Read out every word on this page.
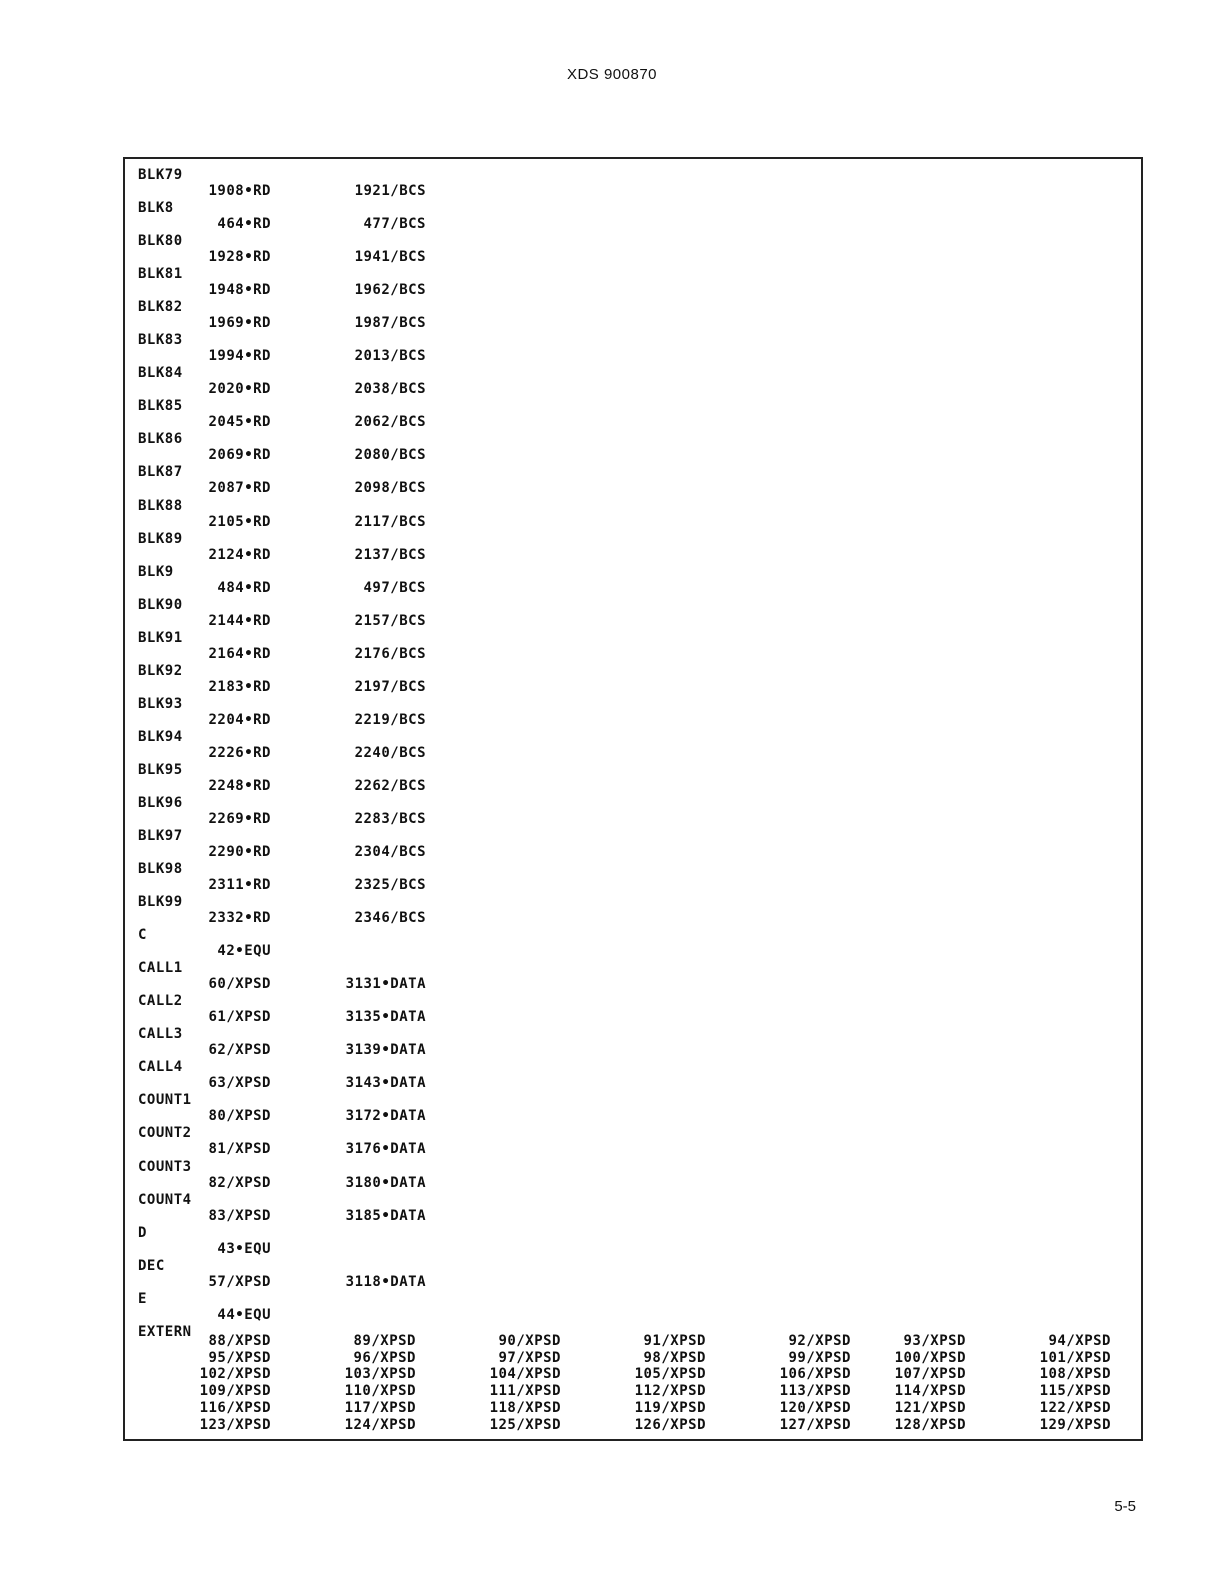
XDS 900870
BLK79
1908•RD	1921/BCS
BLK8
464•RD	477/BCS
BLK80
1928•RD	1941/BCS
BLK81
1948•RD	1962/BCS
BLK82
1969•RD	1987/BCS
BLK83
1994•RD	2013/BCS
BLK84
2020•RD	2038/BCS
BLK85
2045•RD	2062/BCS
BLK86
2069•RD	2080/BCS
BLK87
2087•RD	2098/BCS
BLK88
2105•RD	2117/BCS
BLK89
2124•RD	2137/BCS
BLK9
484•RD	497/BCS
BLK90
2144•RD	2157/BCS
BLK91
2164•RD	2176/BCS
BLK92
2183•RD	2197/BCS
BLK93
2204•RD	2219/BCS
BLK94
2226•RD	2240/BCS
BLK95
2248•RD	2262/BCS
BLK96
2269•RD	2283/BCS
BLK97
2290•RD	2304/BCS
BLK98
2311•RD	2325/BCS
BLK99
2332•RD	2346/BCS
C
42•EQU
CALL1
60/XPSD	3131•DATA
CALL2
61/XPSD	3135•DATA
CALL3
62/XPSD	3139•DATA
CALL4
63/XPSD	3143•DATA
COUNT1
80/XPSD	3172•DATA
COUNT2
81/XPSD	3176•DATA
COUNT3
82/XPSD	3180•DATA
COUNT4
83/XPSD	3185•DATA
D
43•EQU
DEC
57/XPSD	3118•DATA
E
44•EQU
EXTERN
88/XPSD	89/XPSD	90/XPSD	91/XPSD	92/XPSD	93/XPSD	94/XPSD
95/XPSD	96/XPSD	97/XPSD	98/XPSD	99/XPSD	100/XPSD	101/XPSD
102/XPSD	103/XPSD	104/XPSD	105/XPSD	106/XPSD	107/XPSD	108/XPSD
109/XPSD	110/XPSD	111/XPSD	112/XPSD	113/XPSD	114/XPSD	115/XPSD
116/XPSD	117/XPSD	118/XPSD	119/XPSD	120/XPSD	121/XPSD	122/XPSD
123/XPSD	124/XPSD	125/XPSD	126/XPSD	127/XPSD	128/XPSD	129/XPSD
5-5
